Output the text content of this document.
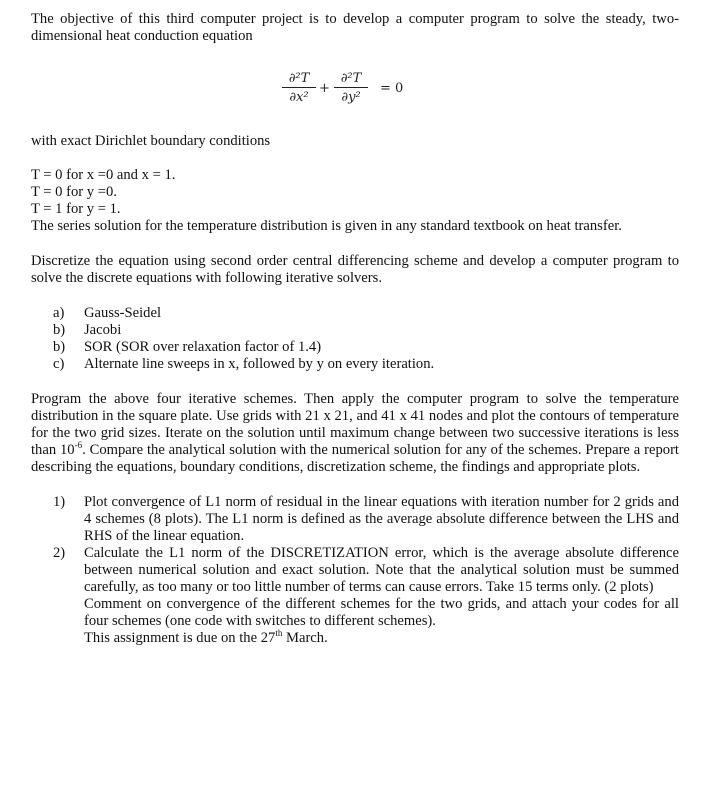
The objective of this third computer project is to develop a computer program to solve the steady, two-dimensional heat conduction equation

∂²T
∂x²
+
∂²T
∂y²
= 0

with exact Dirichlet boundary conditions

T = 0 for x =0 and x = 1.

T = 0 for y =0.

T = 1 for y = 1.

The series solution for the temperature distribution is given in any standard textbook on heat transfer.

Discretize the equation using second order central differencing scheme and develop a computer program to solve the discrete equations with following iterative solvers.

a) Gauss-Seidel
b) Jacobi
b) SOR (SOR over relaxation factor of 1.4)
c) Alternate line sweeps in x, followed by y on every iteration.

Program the above four iterative schemes. Then apply the computer program to solve the temperature distribution in the square plate. Use grids with 21 x 21, and 41 x 41 nodes and plot the contours of temperature for the two grid sizes. Iterate on the solution until maximum change between two successive iterations is less than $10^{-6}$. Compare the analytical solution with the numerical solution for any of the schemes. Prepare a report describing the equations, boundary conditions, discretization scheme, the findings and appropriate plots.

1) Plot convergence of L1 norm of residual in the linear equations with iteration number for 2 grids and 4 schemes (8 plots). The L1 norm is defined as the average absolute difference between the LHS and RHS of the linear equation.
2) Calculate the L1 norm of the DISCRETIZATION error, which is the average absolute difference between numerical solution and exact solution. Note that the analytical solution must be summed carefully, as too many or too little number of terms can cause errors. Take 15 terms only. (2 plots)

Comment on convergence of the different schemes for the two grids, and attach your codes for all four schemes (one code with switches to different schemes).

This assignment is due on the 27th March.
